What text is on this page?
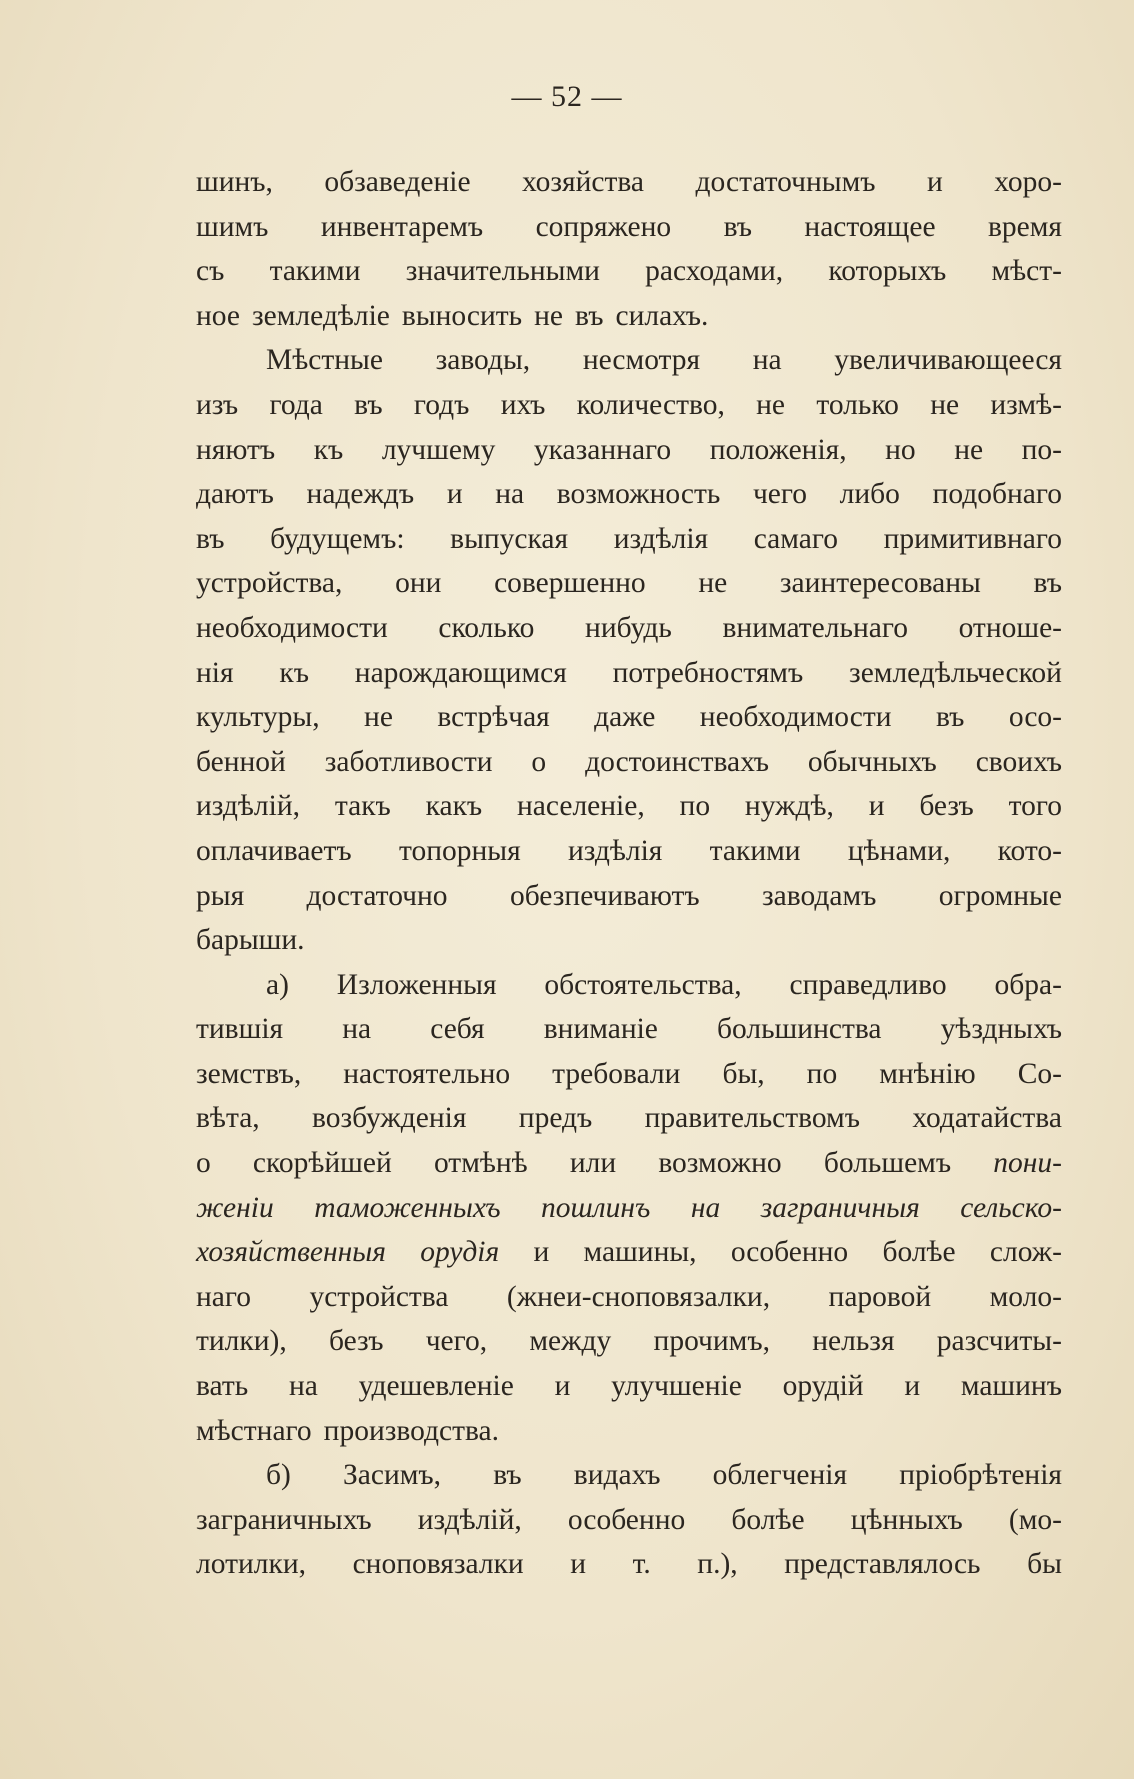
— 52 —
шинъ, обзаведеніе хозяйства достаточнымъ и хоро-
шимъ инвентаремъ сопряжено въ настоящее время
съ такими значительными расходами, которыхъ мѣст-
ное земледѣліе выносить не въ силахъ.
Мѣстные заводы, несмотря на увеличивающееся
изъ года въ годъ ихъ количество, не только не измѣ-
няютъ къ лучшему указаннаго положенія, но не по-
даютъ надеждъ и на возможность чего либо подобнаго
въ будущемъ: выпуская издѣлія самаго примитивнаго
устройства, они совершенно не заинтересованы въ
необходимости сколько нибудь внимательнаго отноше-
нія къ нарождающимся потребностямъ земледѣльческой
культуры, не встрѣчая даже необходимости въ осо-
бенной заботливости о достоинствахъ обычныхъ своихъ
издѣлій, такъ какъ населеніе, по нуждѣ, и безъ того
оплачиваетъ топорныя издѣлія такими цѣнами, кото-
рыя достаточно обезпечиваютъ заводамъ огромные
барыши.
а) Изложенныя обстоятельства, справедливо обра-
тившія на себя вниманіе большинства уѣздныхъ
земствъ, настоятельно требовали бы, по мнѣнію Со-
вѣта, возбужденія предъ правительствомъ ходатайства
о скорѣйшей отмѣнѣ или возможно большемъ пони-
женіи таможенныхъ пошлинъ на заграничныя сельско-
хозяйственныя орудія и машины, особенно болѣе слож-
наго устройства (жнеи-сноповязалки, паровой моло-
тилки), безъ чего, между прочимъ, нельзя разсчиты-
вать на удешевленіе и улучшеніе орудій и машинъ
мѣстнаго производства.
б) Засимъ, въ видахъ облегченія пріобрѣтенія
заграничныхъ издѣлій, особенно болѣе цѣнныхъ (мо-
лотилки, сноповязалки и т. п.), представлялось бы
